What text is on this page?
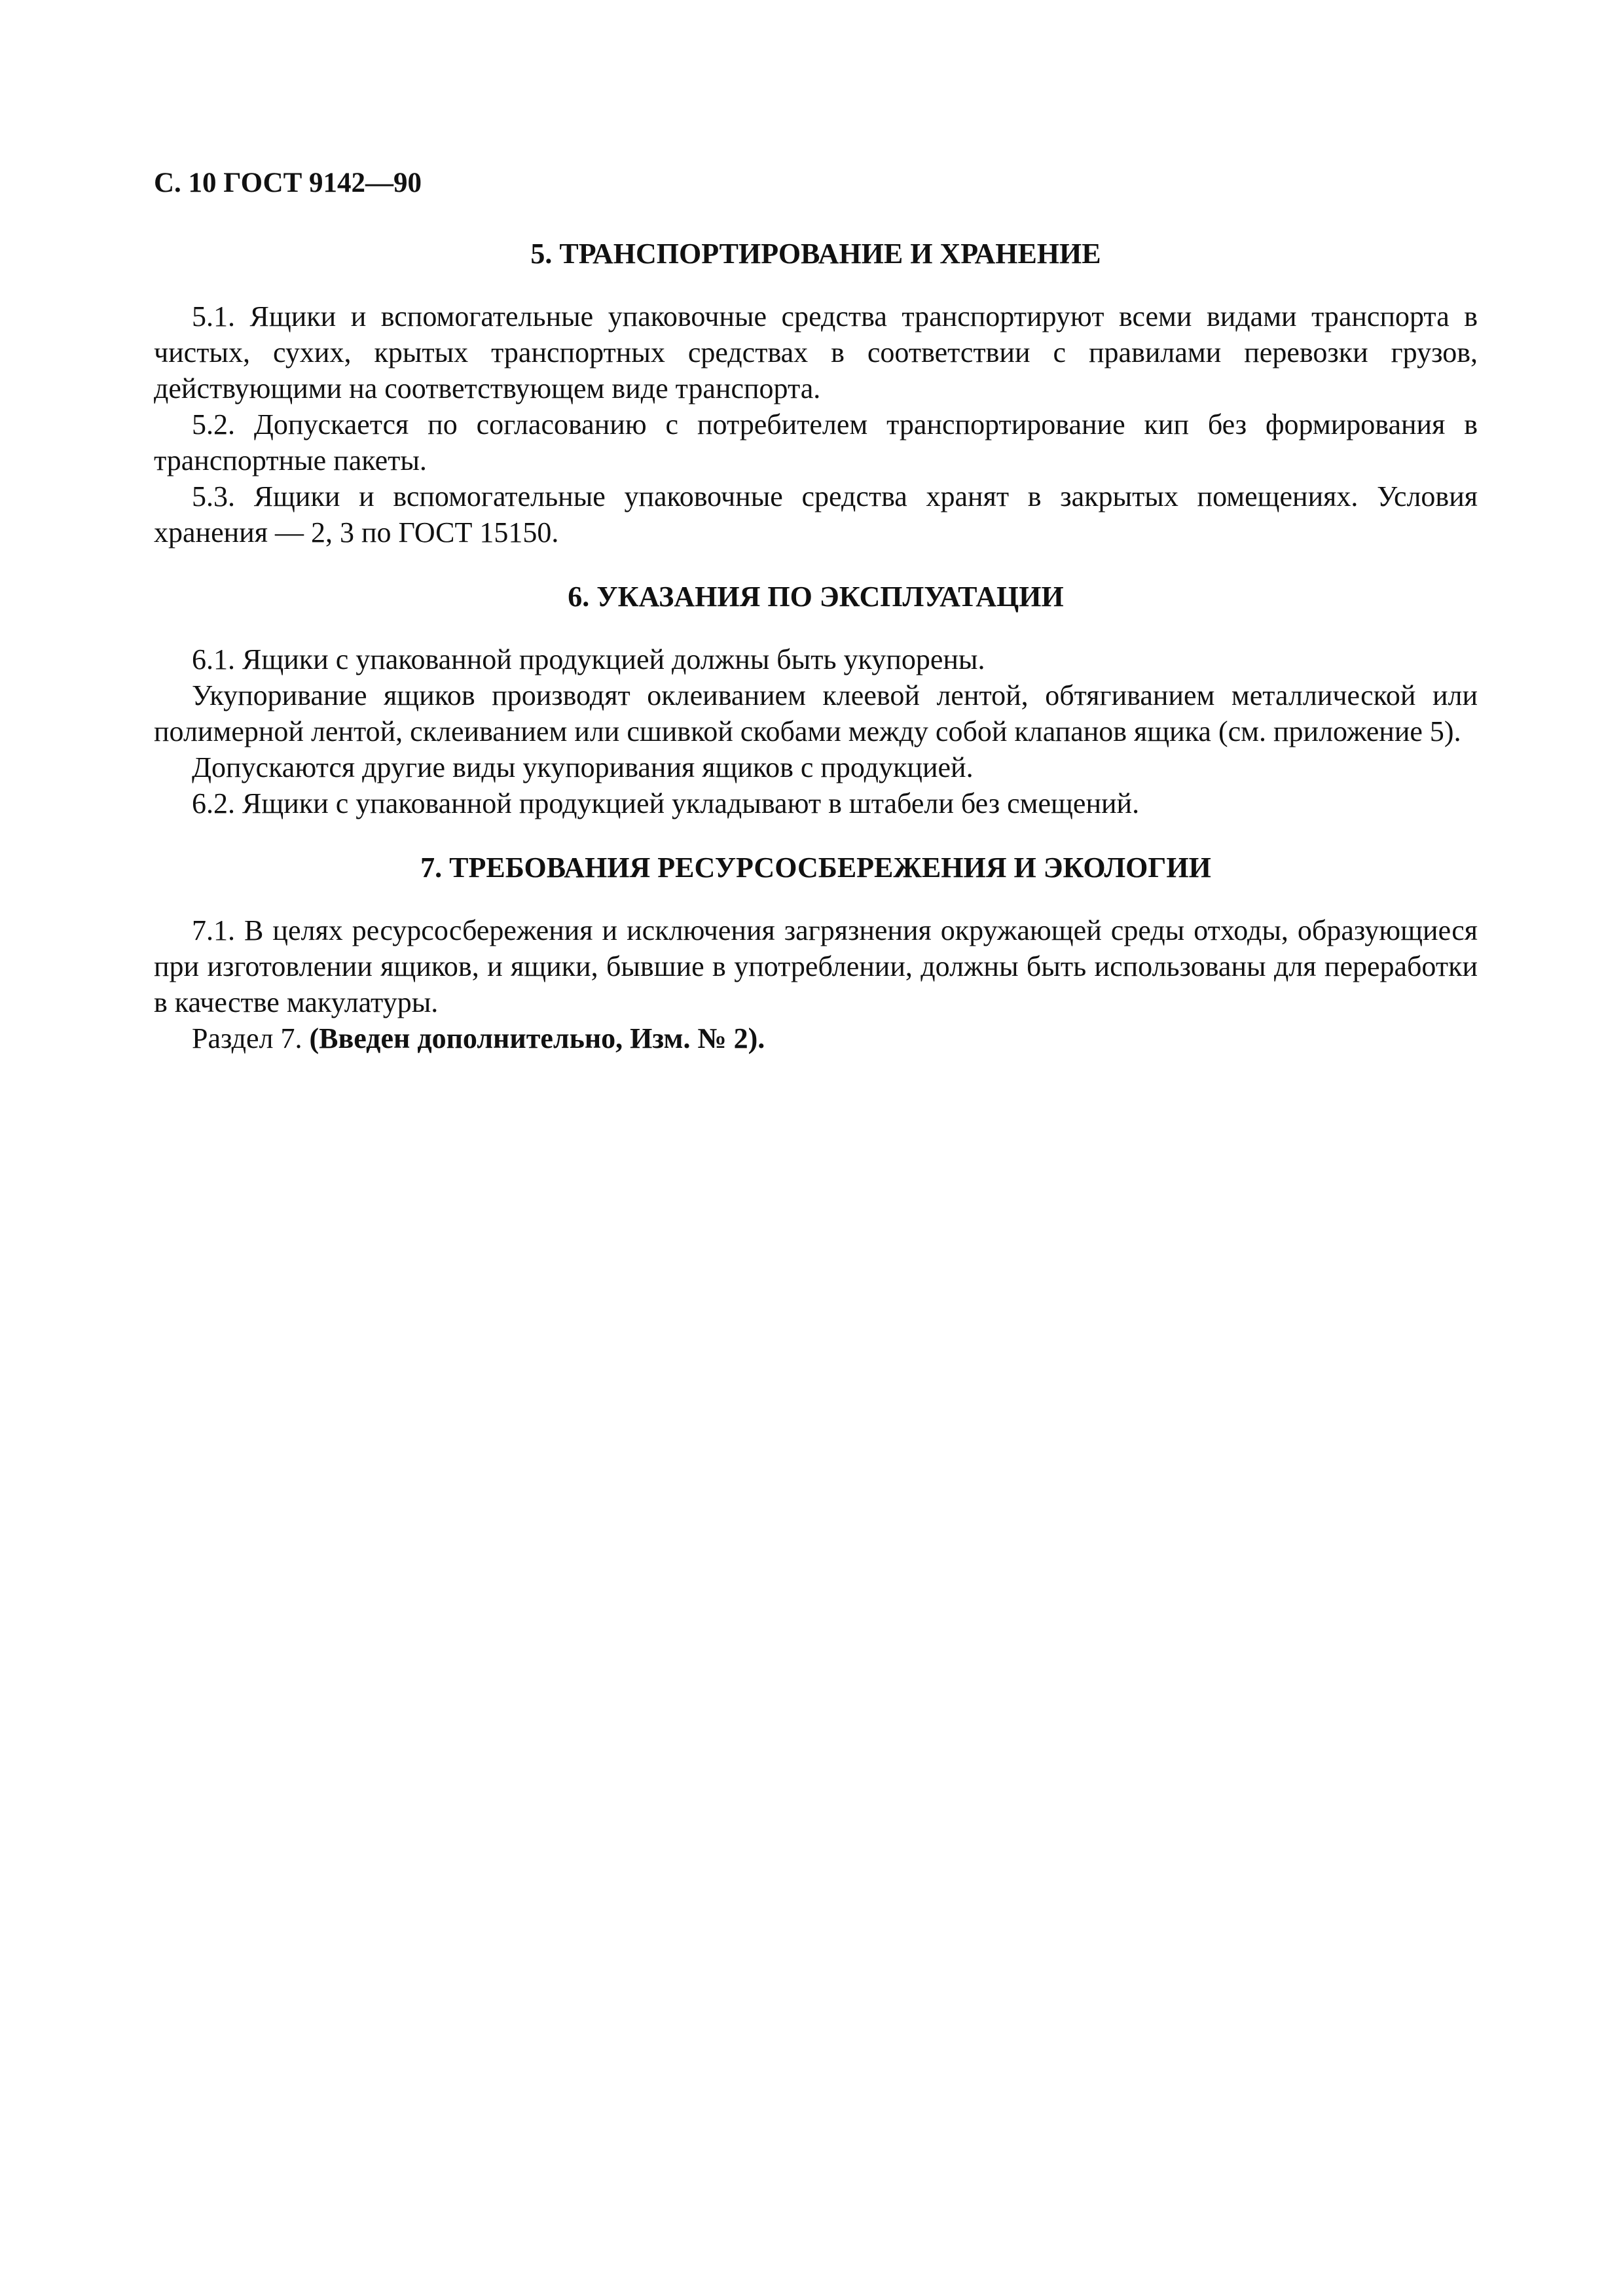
С. 10 ГОСТ 9142—90
5. ТРАНСПОРТИРОВАНИЕ И ХРАНЕНИЕ

5.1. Ящики и вспомогательные упаковочные средства транспортируют всеми видами транспорта в чистых, сухих, крытых транспортных средствах в соответствии с правилами перевозки грузов, действующими на соответствующем виде транспорта.

5.2. Допускается по согласованию с потребителем транспортирование кип без формирования в транспортные пакеты.

5.3. Ящики и вспомогательные упаковочные средства хранят в закрытых помещениях. Условия хранения — 2, 3 по ГОСТ 15150.

6. УКАЗАНИЯ ПО ЭКСПЛУАТАЦИИ

6.1. Ящики с упакованной продукцией должны быть укупорены.

Укупоривание ящиков производят оклеиванием клеевой лентой, обтягиванием металлической или полимерной лентой, склеиванием или сшивкой скобами между собой клапанов ящика (см. приложение 5).

Допускаются другие виды укупоривания ящиков с продукцией.

6.2. Ящики с упакованной продукцией укладывают в штабели без смещений.

7. ТРЕБОВАНИЯ РЕСУРСОСБЕРЕЖЕНИЯ И ЭКОЛОГИИ

7.1. В целях ресурсосбережения и исключения загрязнения окружающей среды отходы, образующиеся при изготовлении ящиков, и ящики, бывшие в употреблении, должны быть использованы для переработки в качестве макулатуры.

Раздел 7. (Введен дополнительно, Изм. № 2).
